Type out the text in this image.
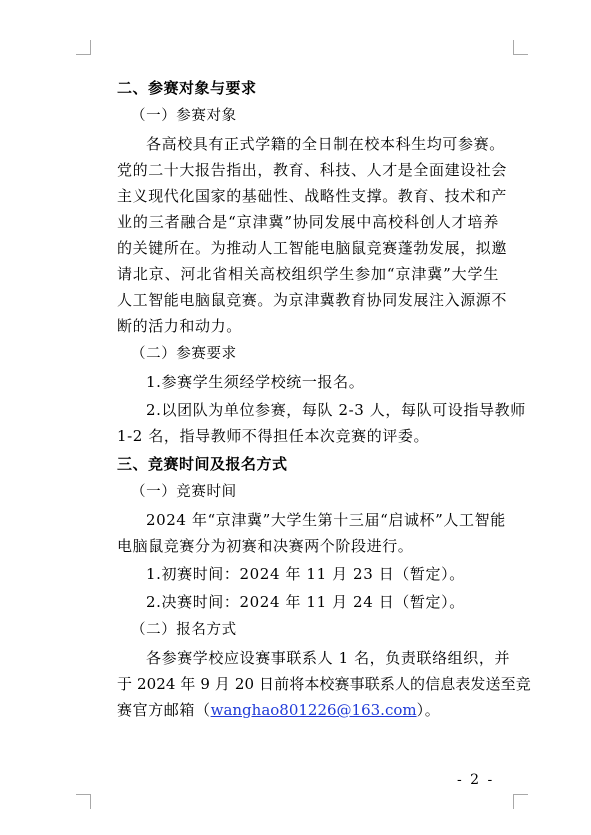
二、参赛对象与要求
（一）参赛对象
各高校具有正式学籍的全日制在校本科生均可参赛。
党的二十大报告指出，教育、科技、人才是全面建设社会
主义现代化国家的基础性、战略性支撑。教育、技术和产
业的三者融合是“京津冀”协同发展中高校科创人才培养
的关键所在。为推动人工智能电脑鼠竞赛蓬勃发展，拟邀
请北京、河北省相关高校组织学生参加“京津冀”大学生
人工智能电脑鼠竞赛。为京津冀教育协同发展注入源源不
断的活力和动力。
（二）参赛要求
1.参赛学生须经学校统一报名。
2.以团队为单位参赛，每队 2-3 人，每队可设指导教师
1-2 名，指导教师不得担任本次竞赛的评委。
三、竞赛时间及报名方式
（一）竞赛时间
2024 年“京津冀”大学生第十三届“启诚杯”人工智能
电脑鼠竞赛分为初赛和决赛两个阶段进行。
1.初赛时间：2024 年 11 月 23 日（暂定）。
2.决赛时间：2024 年 11 月 24 日（暂定）。
（二）报名方式
各参赛学校应设赛事联系人 1 名，负责联络组织，并
于 2024 年 9 月 20 日前将本校赛事联系人的信息表发送至竞
赛官方邮箱（wanghao801226@163.com）。
- 2 -
